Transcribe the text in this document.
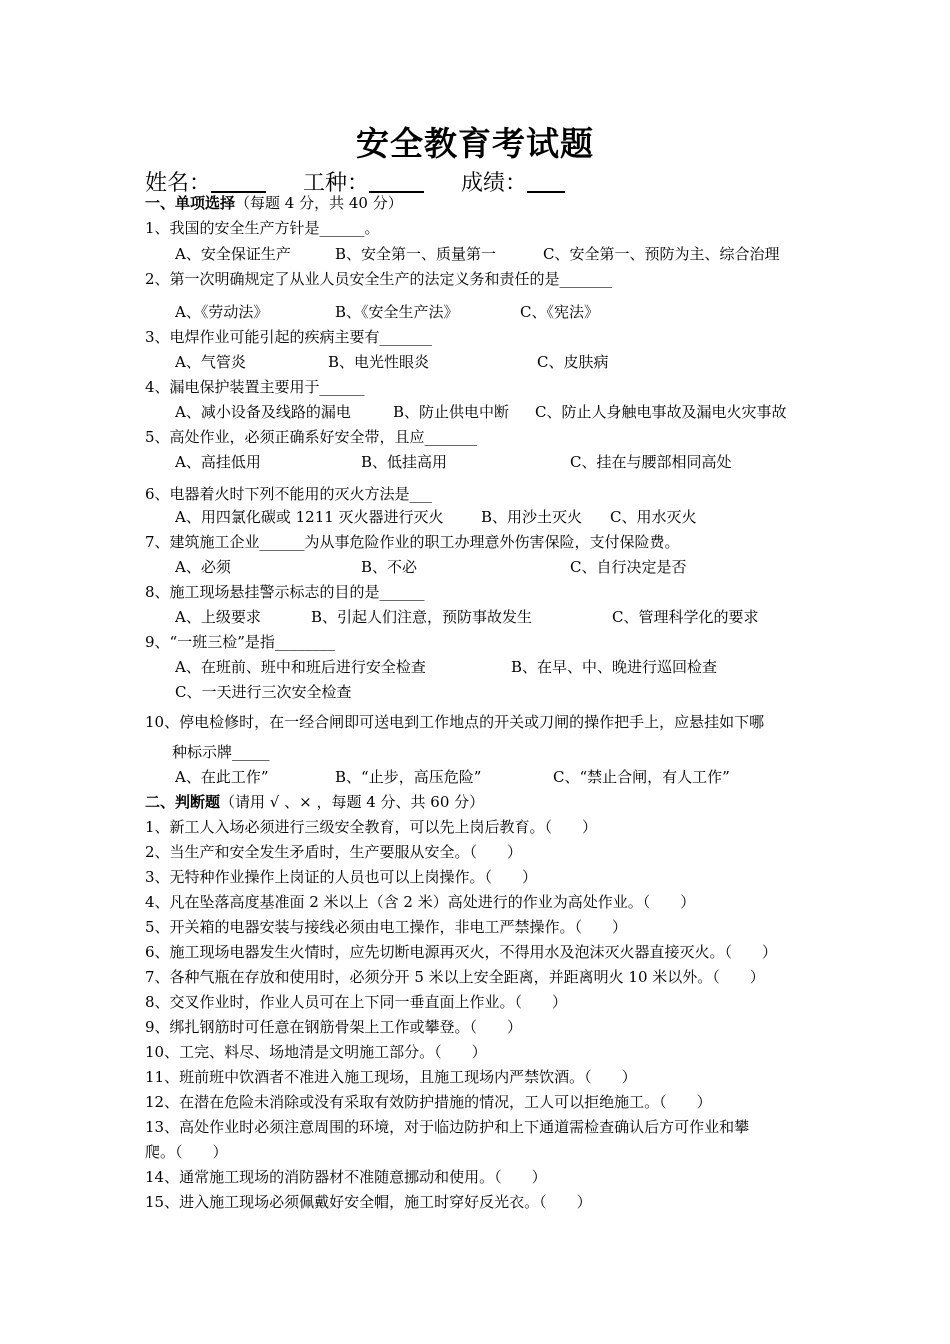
安全教育考试题
姓名：	工种：	成绩：
一、单项选择（每题 4 分，共 40 分）
1、我国的安全生产方针是______。
A、安全保证生产	B、安全第一、质量第一	C、安全第一、预防为主、综合治理
2、第一次明确规定了从业人员安全生产的法定义务和责任的是_______
A、《劳动法》	B、《安全生产法》	C、《宪法》
3、电焊作业可能引起的疾病主要有_______
A、气管炎	B、电光性眼炎	C、皮肤病
4、漏电保护装置主要用于______
A、减小设备及线路的漏电	B、防止供电中断 C、防止人身触电事故及漏电火灾事故
5、高处作业，必须正确系好安全带，且应_______
A、高挂低用	B、低挂高用	C、挂在与腰部相同高处
6、电器着火时下列不能用的灭火方法是___
A、用四氯化碳或 1211 灭火器进行灭火 B、用沙土灭火 C、用水灭火
7、建筑施工企业______为从事危险作业的职工办理意外伤害保险，支付保险费。
A、必须	B、不必	C、自行决定是否
8、施工现场悬挂警示标志的目的是______
A、上级要求	B、引起人们注意，预防事故发生	C、管理科学化的要求
9、“一班三检”是指________
A、在班前、班中和班后进行安全检查	B、在早、中、晚进行巡回检查
C、一天进行三次安全检查
10、停电检修时，在一经合闸即可送电到工作地点的开关或刀闸的操作把手上，应悬挂如下哪
种标示牌_____
A、在此工作”	B、“止步，高压危险”	C、“禁止合闸，有人工作”
二、判断题（请用 √ 、× ，每题 4 分、共 60 分）
1、新工人入场必须进行三级安全教育，可以先上岗后教育。（　　）
2、当生产和安全发生矛盾时，生产要服从安全。（　　）
3、无特种作业操作上岗证的人员也可以上岗操作。（　　）
4、凡在坠落高度基准面 2 米以上（含 2 米）高处进行的作业为高处作业。（　　）
5、开关箱的电器安装与接线必须由电工操作，非电工严禁操作。（　　）
6、施工现场电器发生火情时，应先切断电源再灭火，不得用水及泡沫灭火器直接灭火。（　　）
7、各种气瓶在存放和使用时，必须分开 5 米以上安全距离，并距离明火 10 米以外。（　　）
8、交叉作业时，作业人员可在上下同一垂直面上作业。（　　）
9、绑扎钢筋时可任意在钢筋骨架上工作或攀登。（　　）
10、工完、料尽、场地清是文明施工部分。（　　）
11、班前班中饮酒者不准进入施工现场，且施工现场内严禁饮酒。（　　）
12、在潜在危险未消除或没有采取有效防护措施的情况，工人可以拒绝施工。（　　）
13、高处作业时必须注意周围的环境，对于临边防护和上下通道需检查确认后方可作业和攀
爬。（　　）
14、通常施工现场的消防器材不准随意挪动和使用。（　　）
15、进入施工现场必须佩戴好安全帽，施工时穿好反光衣。（　　）
